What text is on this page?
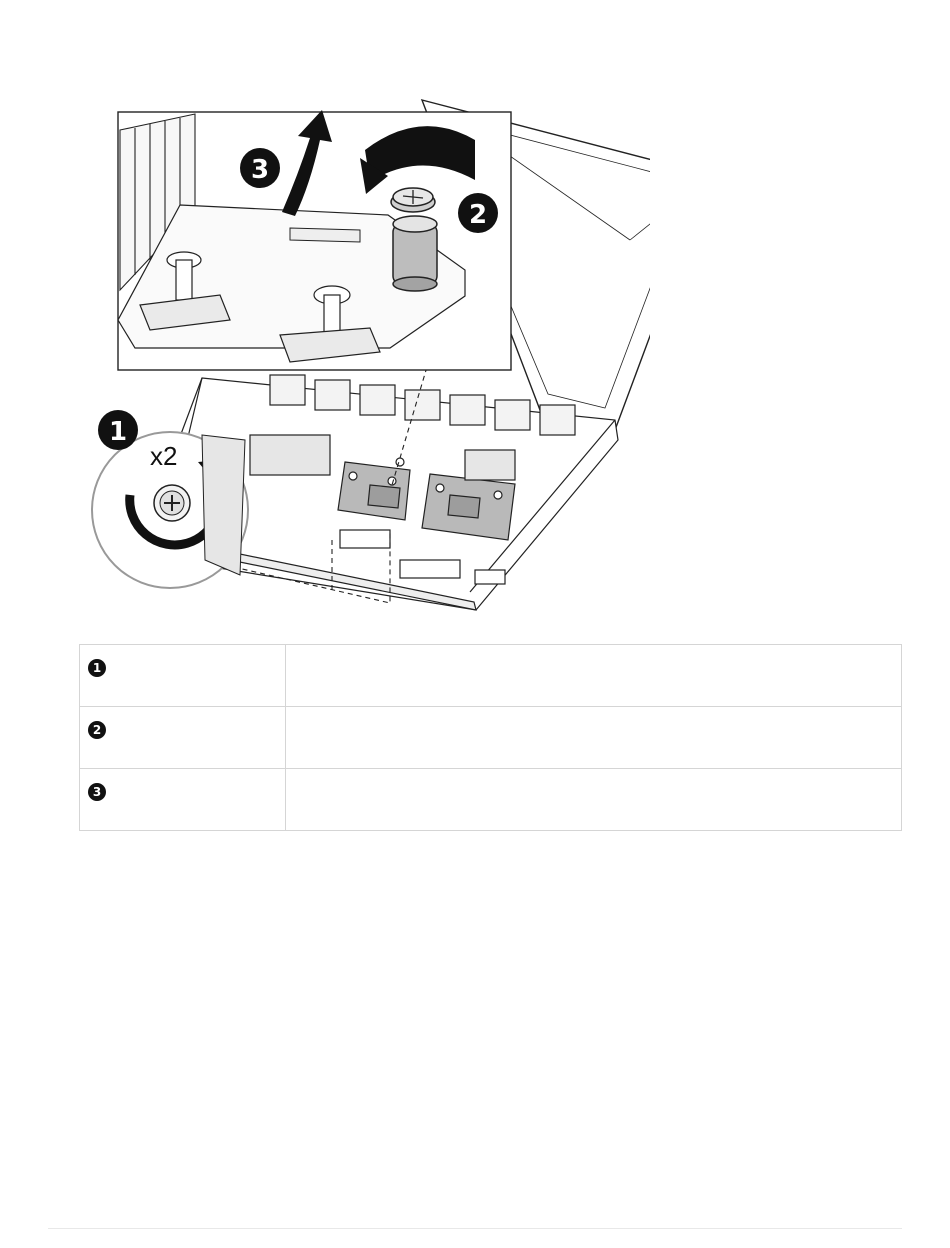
x2
1
3
2
1	

2	

3	
